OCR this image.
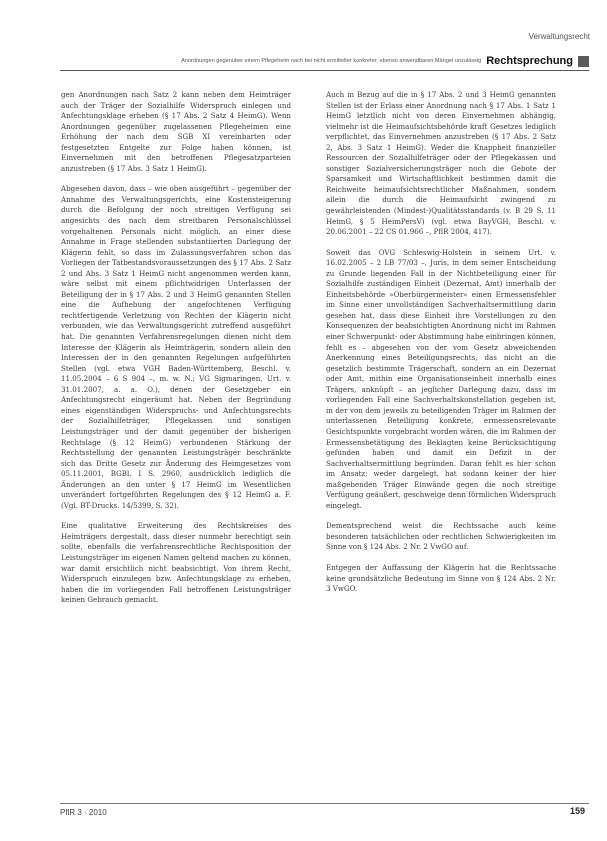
Verwaltungsrecht
Anordnungen gegenüber einem Pflegeheim nach bei nicht ermittelter konkreter, ebenso anwendbaren Mängel unzulässig Rechtsprechung

gen Anordnungen nach Satz 2 kann neben dem Heimträger auch der Träger der Sozialhilfe Widerspruch einlegen und Anfechtungsklage erheben (§ 17 Abs. 2 Satz 4 HeimG). Wenn Anordnungen gegenüber zugelassenen Pflegeheimen eine Erhöhung der nach dem SGB XI vereinbarten oder festgesetzten Entgelte zur Folge haben können, ist Einvernehmen mit den betroffenen Pflegesatzparteien anzustreben (§ 17 Abs. 3 Satz 1 HeimG).

Abgesehen davon, dass – wie oben ausgeführt – gegenüber der Annahme des Verwaltungsgerichts, eine Kostensteigerung durch die Befolgung der noch streitigen Verfügung sei angesichts des nach dem streitbaren Personalschlüssel vorgehaltenen Personals nicht möglich, an einer diese Annahme in Frage stellenden substantiierten Darlegung der Klägerin fehlt, so dass im Zulassungsverfahren schon das Vorliegen der Tatbestandsvoraussetzungen des § 17 Abs. 2 Satz 2 und Abs. 3 Satz 1 HeimG nicht angenommen werden kann, wäre selbst mit einem pflichtwidrigen Unterlassen der Beteiligung der in § 17 Abs. 2 und 3 HeimG genannten Stellen eine die Aufhebung der angefochtenen Verfügung rechtfertigende Verletzung von Rechten der Klägerin nicht verbunden, wie das Verwaltungsgericht zutreffend ausgeführt hat. Die genannten Verfahrensregelungen dienen nicht dem Interesse der Klägerin als Heimträgerin, sondern allein den Interessen der in den genannten Regelungen aufgeführten Stellen (vgl. etwa VGH Baden-Württemberg, Beschl. v. 11.05.2004 – 6 S 904 –, m. w. N.; VG Sigmaringen, Urt. v. 31.01.2007, a. a. O.), denen der Gesetzgeber ein Anfechtungsrecht eingeräumt hat. Neben der Begründung eines eigenständigen Widerspruchs- und Anfechtungsrechts der Sozialhilfeträger, Pflegekassen und sonstigen Leistungsträger und der damit gegenüber der bisherigen Rechtslage (§ 12 HeimG) verbundenen Stärkung der Rechtsstellung der genannten Leistungsträger beschränkte sich das Dritte Gesetz zur Änderung des Heimgesetzes vom 05.11.2001, BGBl. I S. 2960, ausdrücklich lediglich die Änderungen an den unter § 17 HeimG im Wesentlichen unverändert fortgeführten Regelungen des § 12 HeimG a. F. (Vgl. BT-Drucks. 14/5399, S. 32).

Eine qualitative Erweiterung des Rechtskreises des Heimträgers dergestalt, dass dieser nunmehr berechtigt sein sollte, ebenfalls die verfahrensrechtliche Rechtsposition der Leistungsträger im eigenen Namen geltend machen zu können, war damit ersichtlich nicht beabsichtigt. Von ihrem Recht, Widerspruch einzulegen bzw. Anfechtungsklage zu erheben, haben die im vorliegenden Fall betroffenen Leistungsträger keinen Gebrauch gemacht.

Auch in Bezug auf die in § 17 Abs. 2 und 3 HeimG genannten Stellen ist der Erlass einer Anordnung nach § 17 Abs. 1 Satz 1 HeimG letztlich nicht von deren Einvernehmen abhängig, vielmehr ist die Heimaufsichtsbehörde kraft Gesetzes lediglich verpflichtet, das Einvernehmen anzustreben (§ 17 Abs. 2 Satz 2, Abs. 3 Satz 1 HeimG). Weder die Knappheit finanzieller Ressourcen der Sozialhilfeträger oder der Pflegekassen und sonstiger Sozialversicherungsträger noch die Gebote der Sparsamkeit und Wirtschaftlichkeit bestimmen damit die Reichweite heimaufsichtsrechtlicher Maßnahmen, sondern allein die durch die Heimaufsicht zwingend zu gewährleistenden (Mindest-)Qualitätsstandards (v. B 29 S. 11 HeimG, § 5 HeimPersV) (vgl. etwa BayVGH, Beschl. v. 20.06.2001 – 22 CS 01.966 –, PflR 2004, 417).

Soweit das OVG Schleswig-Holstein in seinem Urt. v. 16.02.2005 – 2 LB 77/03 –, Juris, in dem seiner Entscheidung zu Grunde liegenden Fall in der Nichtbeteiligung einer für Sozialhilfe zuständigen Einheit (Dezernat, Amt) innerhalb der Einheitsbehörde »Oberbürgermeister« einen Ermessensfehler im Sinne einer unvollständigen Sachverhaltsermittlung darin gesehen hat, dass diese Einheit ihre Vorstellungen zu den Konsequenzen der beabsichtigten Anordnung nicht im Rahmen einer Schwerpunkt- oder Abstimmung habe einbringen können, fehlt es – abgesehen von der vom Gesetz abweichenden Anerkennung eines Beteiligungsrechts, das nicht an die gesetzlich bestimmte Trägerschaft, sondern an ein Dezernat oder Amt, mithin eine Organisationseinheit innerhalb eines Trägers, anknüpft – an jeglicher Darlegung dazu, dass im vorliegenden Fall eine Sachverhaltskonstellation gegeben ist, in der von dem jeweils zu beteiligenden Träger im Rahmen der unterlassenen Beteiligung konkrete, ermessensrelevante Gesichtspunkte vorgebracht worden wären, die im Rahmen der Ermessensbetätigung des Beklagten keine Berücksichtigung gefunden haben und damit ein Defizit in der Sachverhaltsermittlung begründen. Daran fehlt es hier schon im Ansatz; weder dargelegt, hat sodann keiner der hier maßgebenden Träger Einwände gegen die noch streitige Verfügung geäußert, geschweige denn förmlichen Widerspruch eingelegt.

Dementsprechend weist die Rechtssache auch keine besonderen tatsächlichen oder rechtlichen Schwierigkeiten im Sinne von § 124 Abs. 2 Nr. 2 VwGO auf.

Entgegen der Auffassung der Klägerin hat die Rechtssache keine grundsätzliche Bedeutung im Sinne von § 124 Abs. 2 Nr. 3 VwGO.

PflR 3 · 2010	159
